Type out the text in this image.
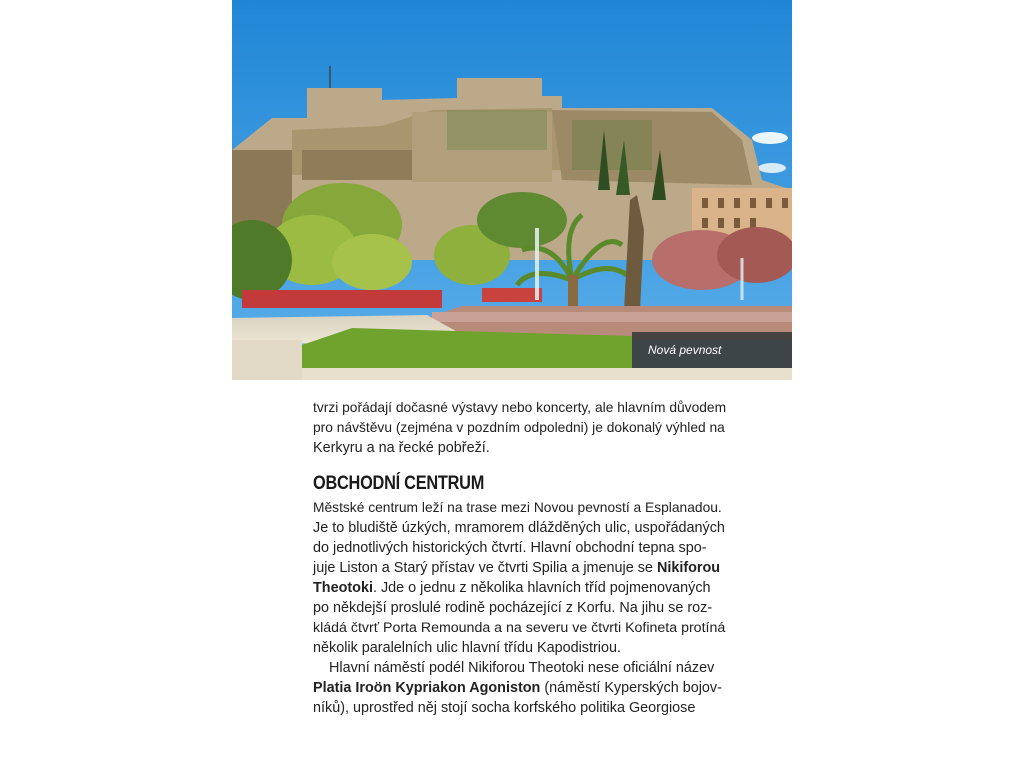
Nová pevnost
tvrzi pořádají dočasné výstavy nebo koncerty, ale hlavním důvodem
pro návštěvu (zejména v pozdním odpoledni) je dokonalý výhled na
Kerkyru a na řecké pobřeží.
OBCHODNÍ CENTRUM
Městské centrum leží na trase mezi Novou pevností a Esplanadou.
Je to bludiště úzkých, mramorem dlážděných ulic, uspořádaných
do jednotlivých historických čtvrtí. Hlavní obchodní tepna spo-
juje Liston a Starý přístav ve čtvrti Spilia a jmenuje se Nikiforou
Theotoki. Jde o jednu z několika hlavních tříd pojmenovaných
po někdejší proslulé rodině pocházející z Korfu. Na jihu se roz-
kládá čtvrť Porta Remounda a na severu ve čtvrti Kofineta protíná
několik paralelních ulic hlavní třídu Kapodistriou.
Hlavní náměstí podél Nikiforou Theotoki nese oficiální název
Platia Iroön Kypriakon Agoniston (náměstí Kyperských bojov-
níků), uprostřed něj stojí socha korfského politika Georgiose
